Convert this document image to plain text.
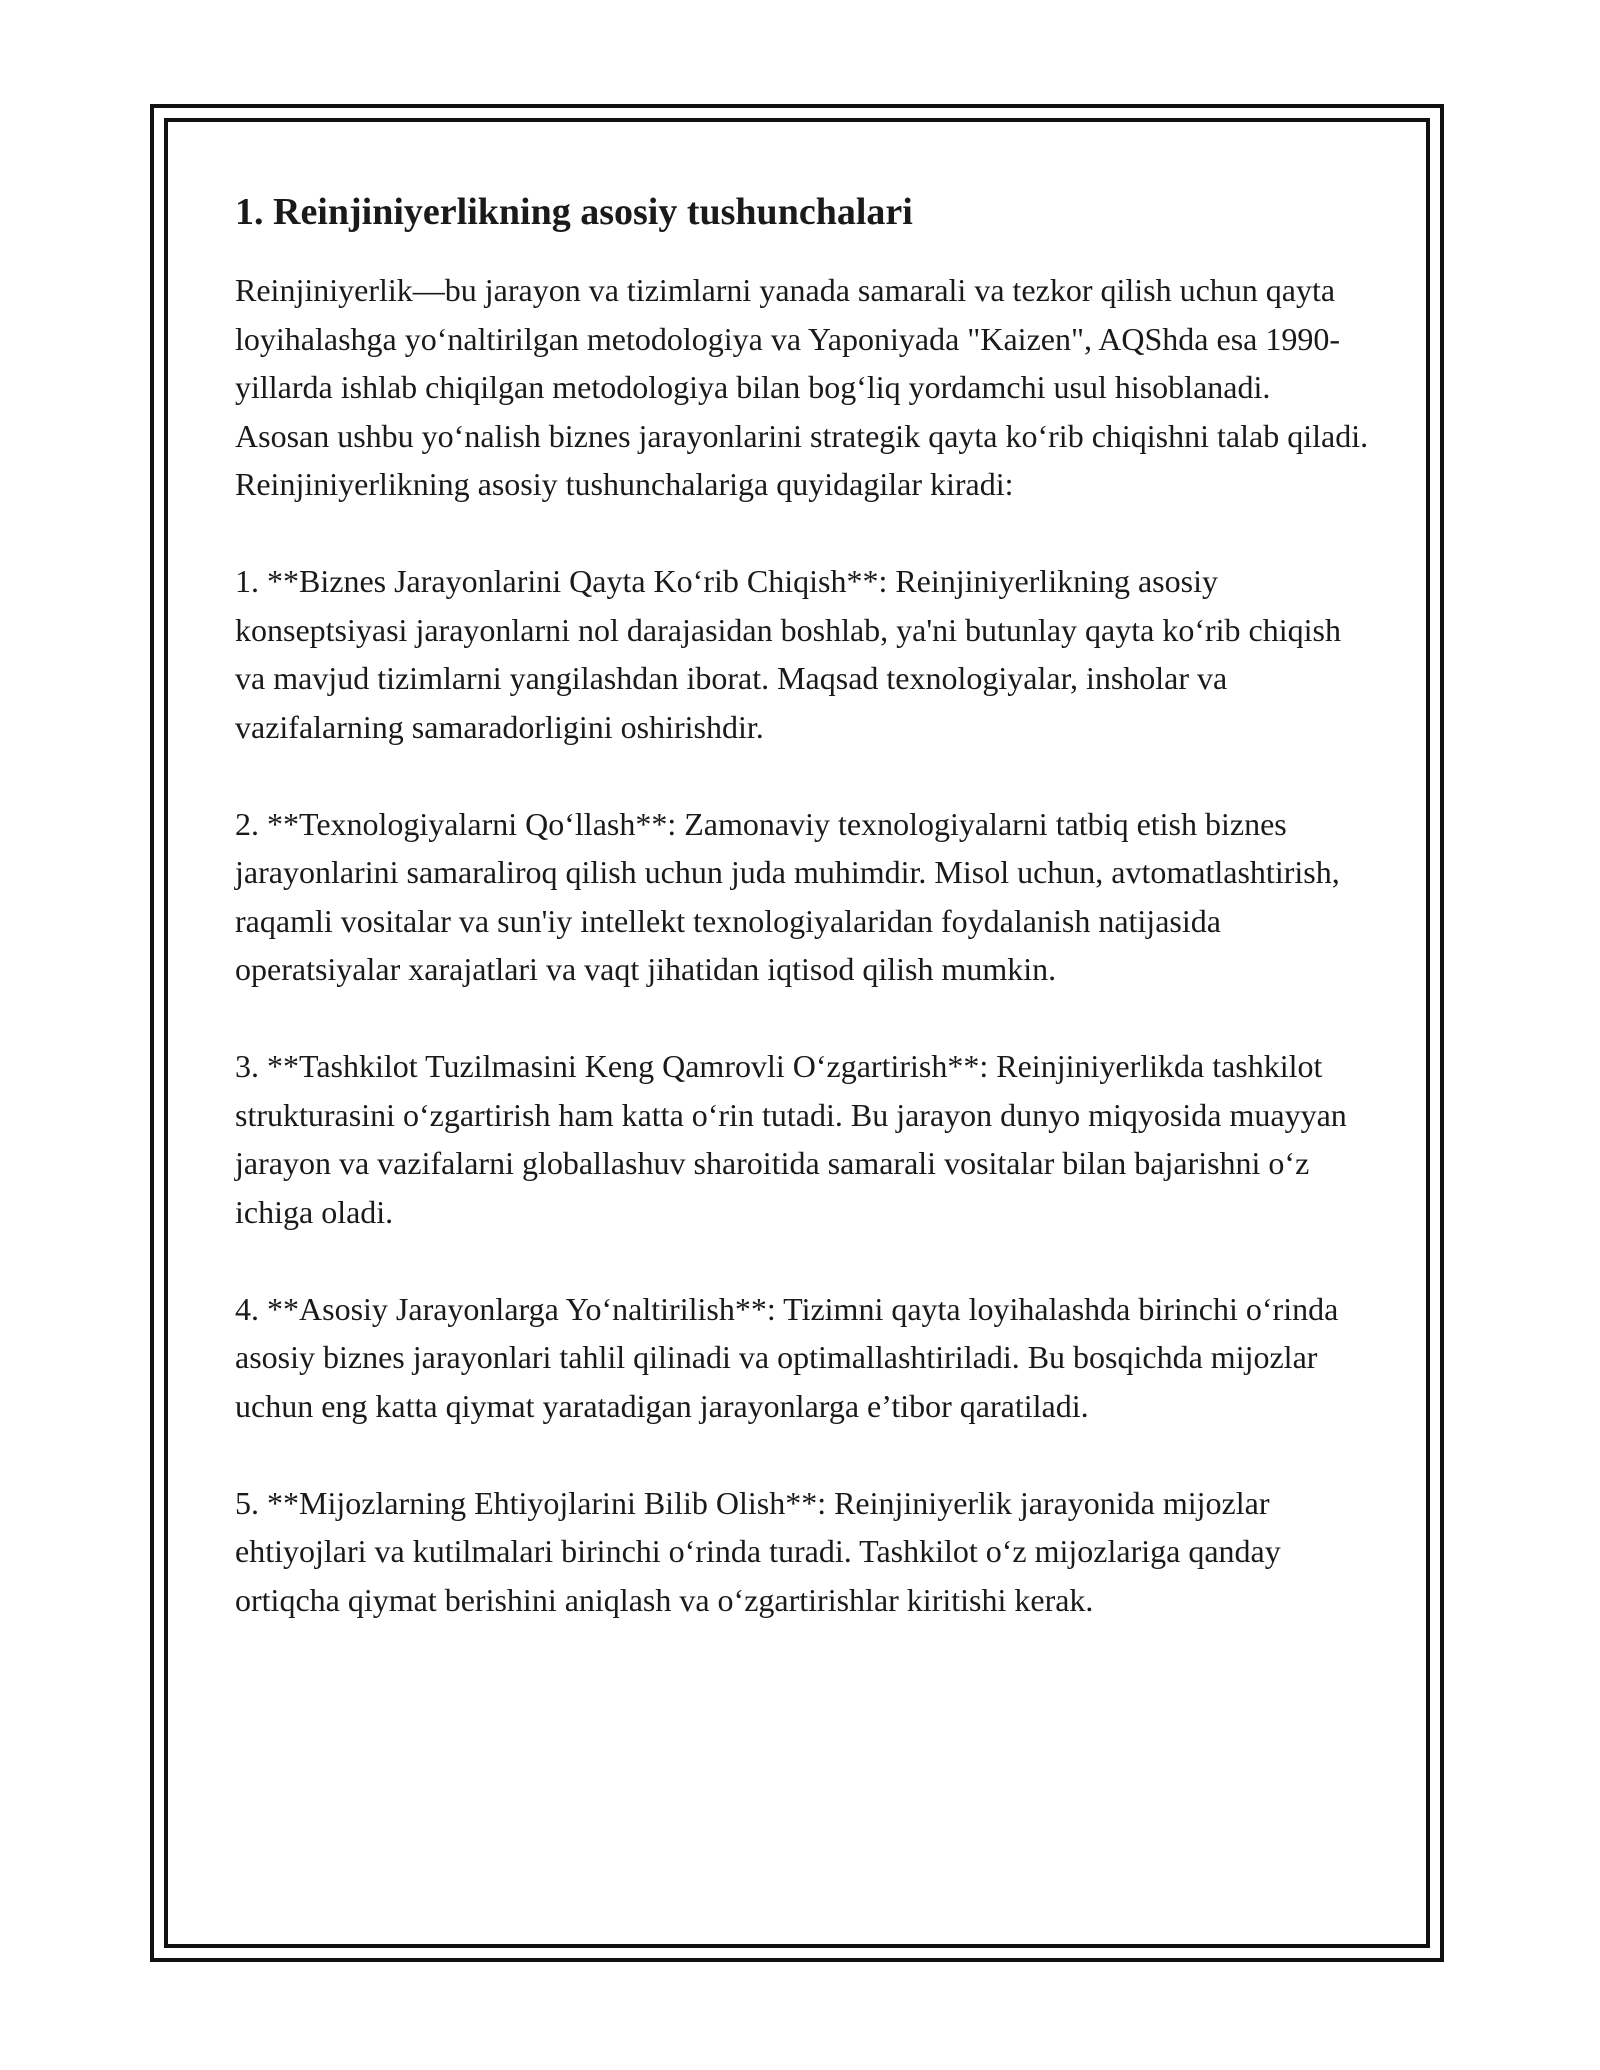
1. Reinjiniyerlikning asosiy tushunchalari

Reinjiniyerlik—bu jarayon va tizimlarni yanada samarali va tezkor qilish uchun qayta loyihalashga yo‘naltirilgan metodologiya va Yaponiyada "Kaizen", AQShda esa 1990-yillarda ishlab chiqilgan metodologiya bilan bog‘liq yordamchi usul hisoblanadi. Asosan ushbu yo‘nalish biznes jarayonlarini strategik qayta ko‘rib chiqishni talab qiladi. Reinjiniyerlikning asosiy tushunchalariga quyidagilar kiradi:

1. **Biznes Jarayonlarini Qayta Ko‘rib Chiqish**: Reinjiniyerlikning asosiy konseptsiyasi jarayonlarni nol darajasidan boshlab, ya'ni butunlay qayta ko‘rib chiqish va mavjud tizimlarni yangilashdan iborat. Maqsad texnologiyalar, insholar va vazifalarning samaradorligini oshirishdir.

2. **Texnologiyalarni Qo‘llash**: Zamonaviy texnologiyalarni tatbiq etish biznes jarayonlarini samaraliroq qilish uchun juda muhimdir. Misol uchun, avtomatlashtirish, raqamli vositalar va sun'iy intellekt texnologiyalaridan foydalanish natijasida operatsiyalar xarajatlari va vaqt jihatidan iqtisod qilish mumkin.

3. **Tashkilot Tuzilmasini Keng Qamrovli O‘zgartirish**: Reinjiniyerlikda tashkilot strukturasini o‘zgartirish ham katta o‘rin tutadi. Bu jarayon dunyo miqyosida muayyan jarayon va vazifalarni globallashuv sharoitida samarali vositalar bilan bajarishni o‘z ichiga oladi.

4. **Asosiy Jarayonlarga Yo‘naltirilish**: Tizimni qayta loyihalashda birinchi o‘rinda asosiy biznes jarayonlari tahlil qilinadi va optimallashtiriladi. Bu bosqichda mijozlar uchun eng katta qiymat yaratadigan jarayonlarga e’tibor qaratiladi.

5. **Mijozlarning Ehtiyojlarini Bilib Olish**: Reinjiniyerlik jarayonida mijozlar ehtiyojlari va kutilmalari birinchi o‘rinda turadi. Tashkilot o‘z mijozlariga qanday ortiqcha qiymat berishini aniqlash va o‘zgartirishlar kiritishi kerak.
